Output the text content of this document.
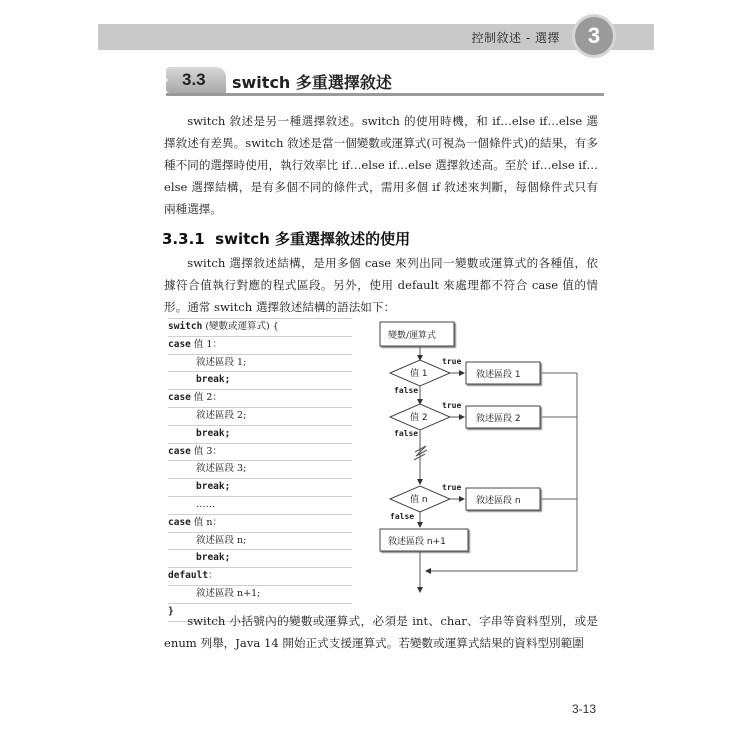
控制敘述 - 選擇 3
3.3 switch 多重選擇敘述

switch 敘述是另一種選擇敘述。switch 的使用時機，和 if…else if…else 選擇敘述有差異。switch 敘述是當一個變數或運算式(可視為一個條件式)的結果，有多種不同的選擇時使用，執行效率比 if…else if…else 選擇敘述高。至於 if…else if…else 選擇結構，是有多個不同的條件式，需用多個 if 敘述來判斷，每個條件式只有兩種選擇。

3.3.1 switch 多重選擇敘述的使用

switch 選擇敘述結構，是用多個 case 來列出同一變數或運算式的各種值，依據符合值執行對應的程式區段。另外，使用 default 來處理都不符合 case 值的情形。通常 switch 選擇敘述結構的語法如下：

switch (變數或運算式) {
case 值 1：
敘述區段 1;
break;
case 值 2：
敘述區段 2;
break;
case 值 3：
敘述區段 3;
break;
……
case 值 n：
敘述區段 n;
break;
default：
敘述區段 n+1;
}
變數/運算式
值 1
true
敘述區段 1
false
值 2
true
敘述區段 2
false
值 n
true
敘述區段 n
false
敘述區段 n+1

switch 小括號內的變數或運算式，必須是 int、char、字串等資料型別，或是 enum 列舉，Java 14 開始正式支援運算式。若變數或運算式結果的資料型別範圍

3-13
